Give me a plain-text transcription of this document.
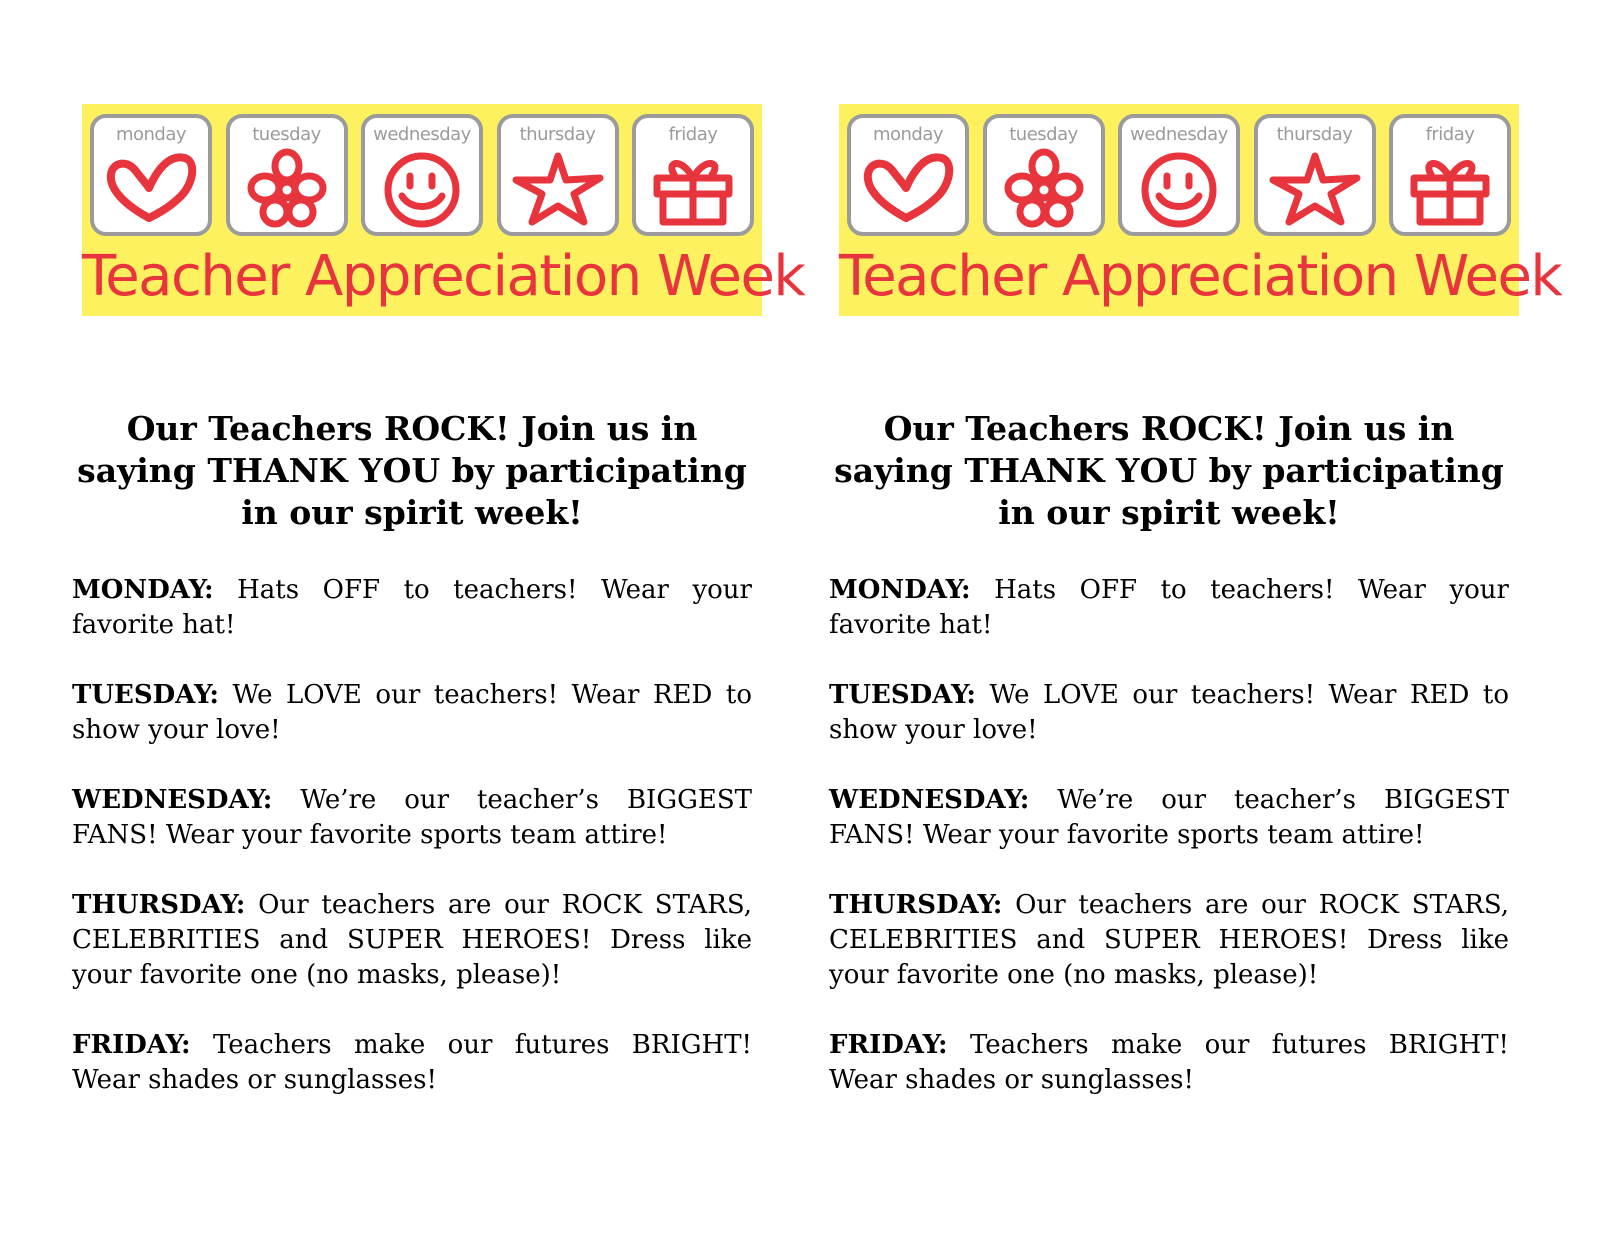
monday	tuesday	wednesday	thursday	friday
Teacher Appreciation Week
Our Teachers ROCK! Join us in saying THANK YOU by participating in our spirit week!

MONDAY: Hats OFF to teachers! Wear your favorite hat!

TUESDAY: We LOVE our teachers! Wear RED to show your love!

WEDNESDAY: We’re our teacher’s BIGGEST FANS! Wear your favorite sports team attire!

THURSDAY: Our teachers are our ROCK STARS, CELEBRITIES and SUPER HEROES! Dress like your favorite one (no masks, please)!

FRIDAY: Teachers make our futures BRIGHT! Wear shades or sunglasses!

monday	tuesday	wednesday	thursday	friday
Teacher Appreciation Week
Our Teachers ROCK! Join us in saying THANK YOU by participating in our spirit week!

MONDAY: Hats OFF to teachers! Wear your favorite hat!

TUESDAY: We LOVE our teachers! Wear RED to show your love!

WEDNESDAY: We’re our teacher’s BIGGEST FANS! Wear your favorite sports team attire!

THURSDAY: Our teachers are our ROCK STARS, CELEBRITIES and SUPER HEROES! Dress like your favorite one (no masks, please)!

FRIDAY: Teachers make our futures BRIGHT! Wear shades or sunglasses!
